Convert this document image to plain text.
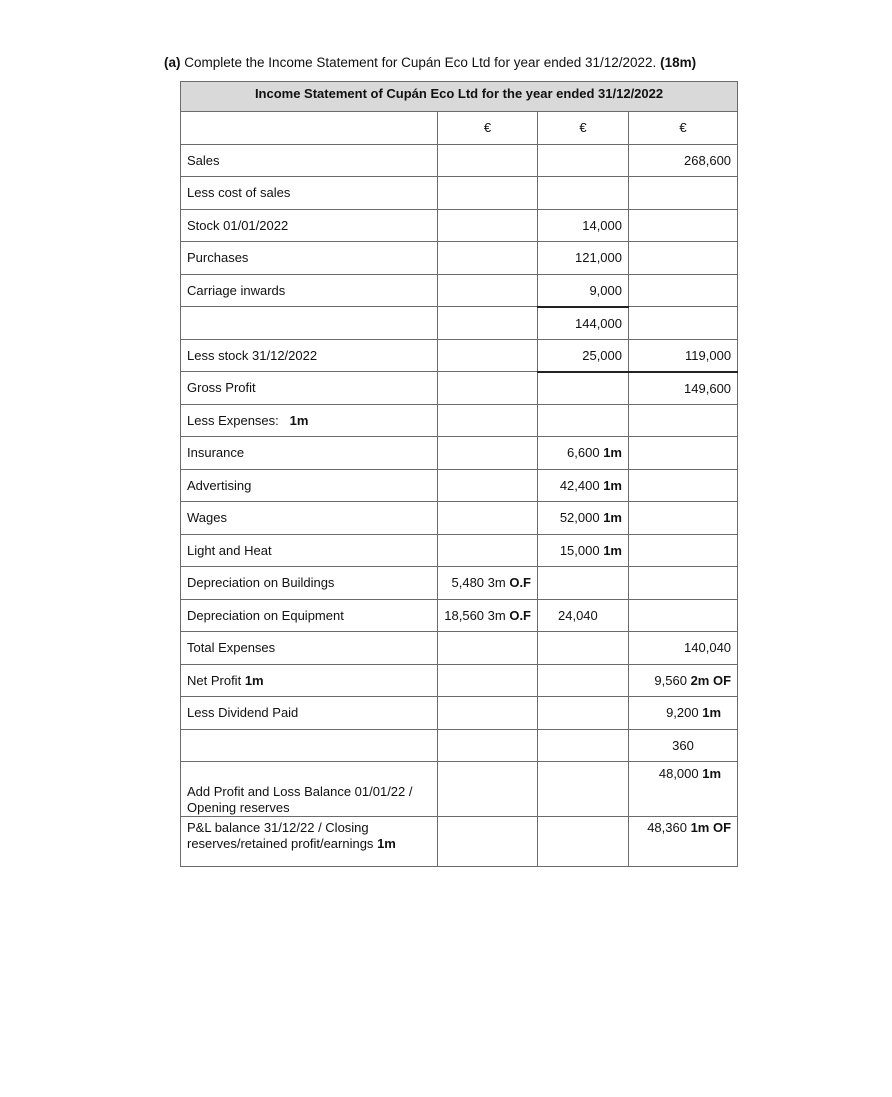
(a) Complete the Income Statement for Cupán Eco Ltd for year ended 31/12/2022. (18m)
Income Statement of Cupán Eco Ltd for the year ended 31/12/2022			
	€	€	€
Sales			268,600
Less cost of sales			
Stock 01/01/2022		14,000	
Purchases		121,000	
Carriage inwards		9,000	
		144,000	
Less stock 31/12/2022		25,000	119,000
Gross Profit			149,600
Less Expenses: 1m			
Insurance		6,600 1m	
Advertising		42,400 1m	
Wages		52,000 1m	
Light and Heat		15,000 1m	
Depreciation on Buildings	5,480 3m O.F		
Depreciation on Equipment	18,560 3m O.F	24,040	
Total Expenses			140,040
Net Profit 1m			9,560 2m OF
Less Dividend Paid			9,200 1m
			360
Add Profit and Loss Balance 01/01/22 / Opening reserves			48,000 1m
P&L balance 31/12/22 / Closing reserves/retained profit/earnings 1m			48,360 1m OF
